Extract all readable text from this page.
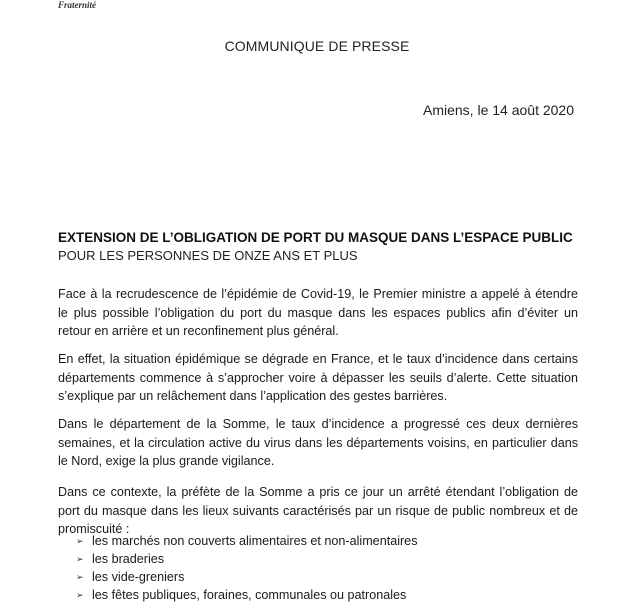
Fraternité
COMMUNIQUE DE PRESSE
Amiens, le 14 août 2020
EXTENSION DE L’OBLIGATION DE PORT DU MASQUE DANS L’ESPACE PUBLIC
POUR LES PERSONNES DE ONZE ANS ET PLUS

Face à la recrudescence de l’épidémie de Covid-19, le Premier ministre a appelé à étendre le plus possible l’obligation du port du masque dans les espaces publics afin d’éviter un retour en arrière et un reconfinement plus général.

En effet, la situation épidémique se dégrade en France, et le taux d’incidence dans certains départements commence à s’approcher voire à dépasser les seuils d’alerte. Cette situation s’explique par un relâchement dans l’application des gestes barrières.

Dans le département de la Somme, le taux d’incidence a progressé ces deux dernières semaines, et la circulation active du virus dans les départements voisins, en particulier dans le Nord, exige la plus grande vigilance.

Dans ce contexte, la préfète de la Somme a pris ce jour un arrêté étendant l’obligation de port du masque dans les lieux suivants caractérisés par un risque de public nombreux et de promiscuité :

➢ les marchés non couverts alimentaires et non-alimentaires
➢ les braderies
➢ les vide-greniers
➢ les fêtes publiques, foraines, communales ou patronales
